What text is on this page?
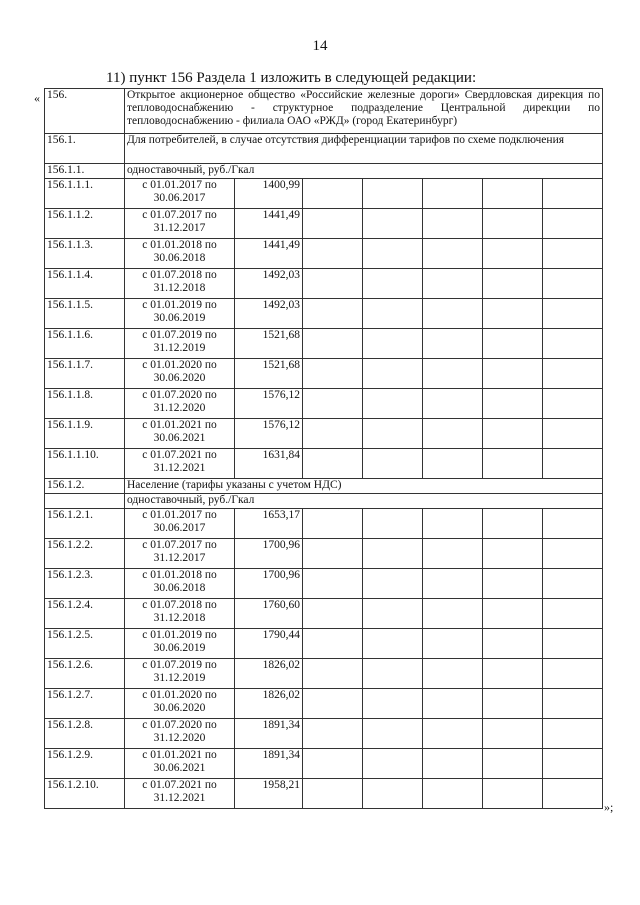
14
11) пункт 156 Раздела 1 изложить в следующей редакции:
« 156.	Открытое акционерное общество «Российские железные дороги» Свердловская дирекция по тепловодоснабжению - структурное подразделение Центральной дирекции по тепловодоснабжению - филиала ОАО «РЖД» (город Екатеринбург)						
156.1.	Для потребителей, в случае отсутствия дифференциации тарифов по схеме подключения						
156.1.1.	одноставочный, руб./Гкал						
156.1.1.1.	с 01.01.2017 по 30.06.2017	1400,99					
156.1.1.2.	с 01.07.2017 по 31.12.2017	1441,49					
156.1.1.3.	с 01.01.2018 по 30.06.2018	1441,49					
156.1.1.4.	с 01.07.2018 по 31.12.2018	1492,03					
156.1.1.5.	с 01.01.2019 по 30.06.2019	1492,03					
156.1.1.6.	с 01.07.2019 по 31.12.2019	1521,68					
156.1.1.7.	с 01.01.2020 по 30.06.2020	1521,68					
156.1.1.8.	с 01.07.2020 по 31.12.2020	1576,12					
156.1.1.9.	с 01.01.2021 по 30.06.2021	1576,12					
156.1.1.10.	с 01.07.2021 по 31.12.2021	1631,84					
156.1.2.	Население (тарифы указаны с учетом НДС)						
	одноставочный, руб./Гкал						
156.1.2.1.	с 01.01.2017 по 30.06.2017	1653,17					
156.1.2.2.	с 01.07.2017 по 31.12.2017	1700,96					
156.1.2.3.	с 01.01.2018 по 30.06.2018	1700,96					
156.1.2.4.	с 01.07.2018 по 31.12.2018	1760,60					
156.1.2.5.	с 01.01.2019 по 30.06.2019	1790,44					
156.1.2.6.	с 01.07.2019 по 31.12.2019	1826,02					
156.1.2.7.	с 01.01.2020 по 30.06.2020	1826,02					
156.1.2.8.	с 01.07.2020 по 31.12.2020	1891,34					
156.1.2.9.	с 01.01.2021 по 30.06.2021	1891,34					
156.1.2.10.	с 01.07.2021 по 31.12.2021	1958,21					
»;
